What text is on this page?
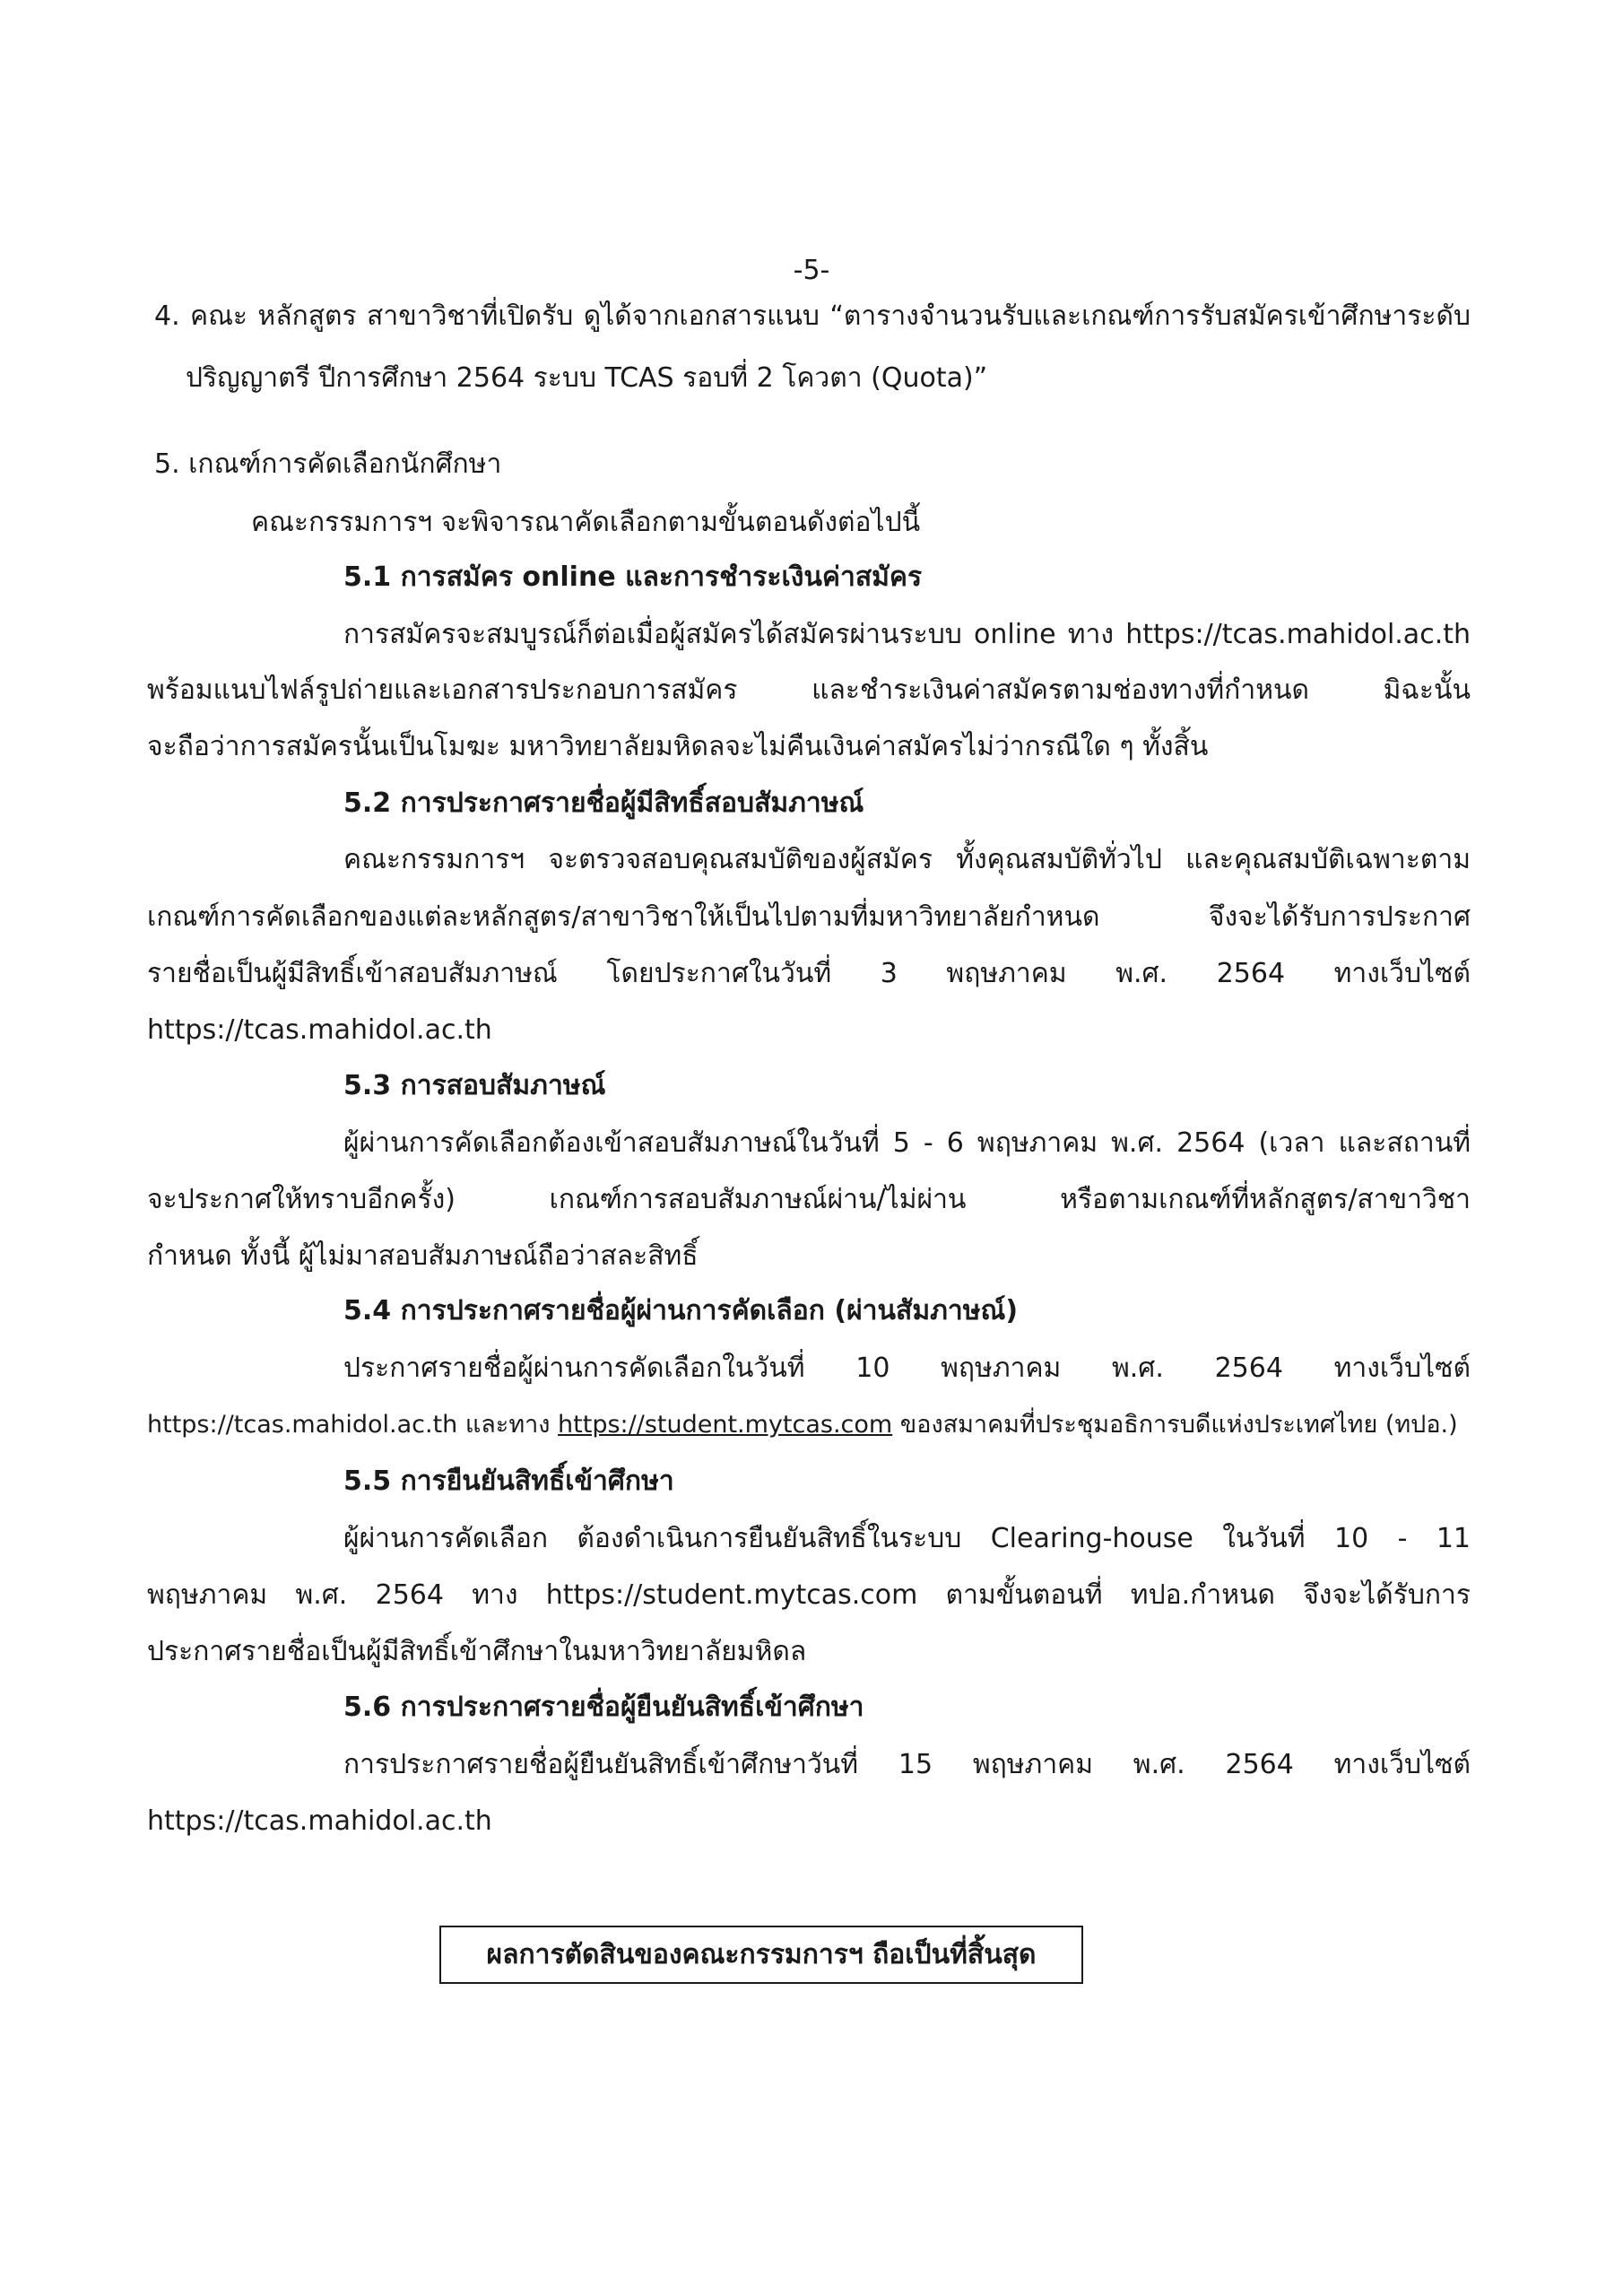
-5-
4. คณะ หลักสูตร สาขาวิชาที่เปิดรับ ดูได้จากเอกสารแนบ “ตารางจำนวนรับและเกณฑ์การรับสมัครเข้าศึกษาระดับ
ปริญญาตรี ปีการศึกษา 2564 ระบบ TCAS รอบที่ 2 โควตา (Quota)”
5. เกณฑ์การคัดเลือกนักศึกษา
คณะกรรมการฯ จะพิจารณาคัดเลือกตามขั้นตอนดังต่อไปนี้
5.1 การสมัคร online และการชำระเงินค่าสมัคร
การสมัครจะสมบูรณ์ก็ต่อเมื่อผู้สมัครได้สมัครผ่านระบบ online ทาง https://tcas.mahidol.ac.th
พร้อมแนบไฟล์รูปถ่ายและเอกสารประกอบการสมัคร และชำระเงินค่าสมัครตามช่องทางที่กำหนด มิฉะนั้น
จะถือว่าการสมัครนั้นเป็นโมฆะ มหาวิทยาลัยมหิดลจะไม่คืนเงินค่าสมัครไม่ว่ากรณีใด ๆ ทั้งสิ้น
5.2 การประกาศรายชื่อผู้มีสิทธิ์สอบสัมภาษณ์
คณะกรรมการฯ จะตรวจสอบคุณสมบัติของผู้สมัคร ทั้งคุณสมบัติทั่วไป และคุณสมบัติเฉพาะตาม
เกณฑ์การคัดเลือกของแต่ละหลักสูตร/สาขาวิชาให้เป็นไปตามที่มหาวิทยาลัยกำหนด จึงจะได้รับการประกาศ
รายชื่อเป็นผู้มีสิทธิ์เข้าสอบสัมภาษณ์ โดยประกาศในวันที่ 3 พฤษภาคม พ.ศ. 2564 ทางเว็บไซต์
https://tcas.mahidol.ac.th
5.3 การสอบสัมภาษณ์
ผู้ผ่านการคัดเลือกต้องเข้าสอบสัมภาษณ์ในวันที่ 5 - 6 พฤษภาคม พ.ศ. 2564 (เวลา และสถานที่
จะประกาศให้ทราบอีกครั้ง) เกณฑ์การสอบสัมภาษณ์ผ่าน/ไม่ผ่าน หรือตามเกณฑ์ที่หลักสูตร/สาขาวิชา
กำหนด ทั้งนี้ ผู้ไม่มาสอบสัมภาษณ์ถือว่าสละสิทธิ์
5.4 การประกาศรายชื่อผู้ผ่านการคัดเลือก (ผ่านสัมภาษณ์)
ประกาศรายชื่อผู้ผ่านการคัดเลือกในวันที่ 10 พฤษภาคม พ.ศ. 2564 ทางเว็บไซต์
https://tcas.mahidol.ac.th และทาง https://student.mytcas.com ของสมาคมที่ประชุมอธิการบดีแห่งประเทศไทย (ทปอ.)
5.5 การยืนยันสิทธิ์เข้าศึกษา
ผู้ผ่านการคัดเลือก ต้องดำเนินการยืนยันสิทธิ์ในระบบ Clearing-house ในวันที่ 10 - 11
พฤษภาคม พ.ศ. 2564 ทาง https://student.mytcas.com ตามขั้นตอนที่ ทปอ.กำหนด จึงจะได้รับการ
ประกาศรายชื่อเป็นผู้มีสิทธิ์เข้าศึกษาในมหาวิทยาลัยมหิดล
5.6 การประกาศรายชื่อผู้ยืนยันสิทธิ์เข้าศึกษา
การประกาศรายชื่อผู้ยืนยันสิทธิ์เข้าศึกษาวันที่ 15 พฤษภาคม พ.ศ. 2564 ทางเว็บไซต์
https://tcas.mahidol.ac.th
ผลการตัดสินของคณะกรรมการฯ ถือเป็นที่สิ้นสุด
